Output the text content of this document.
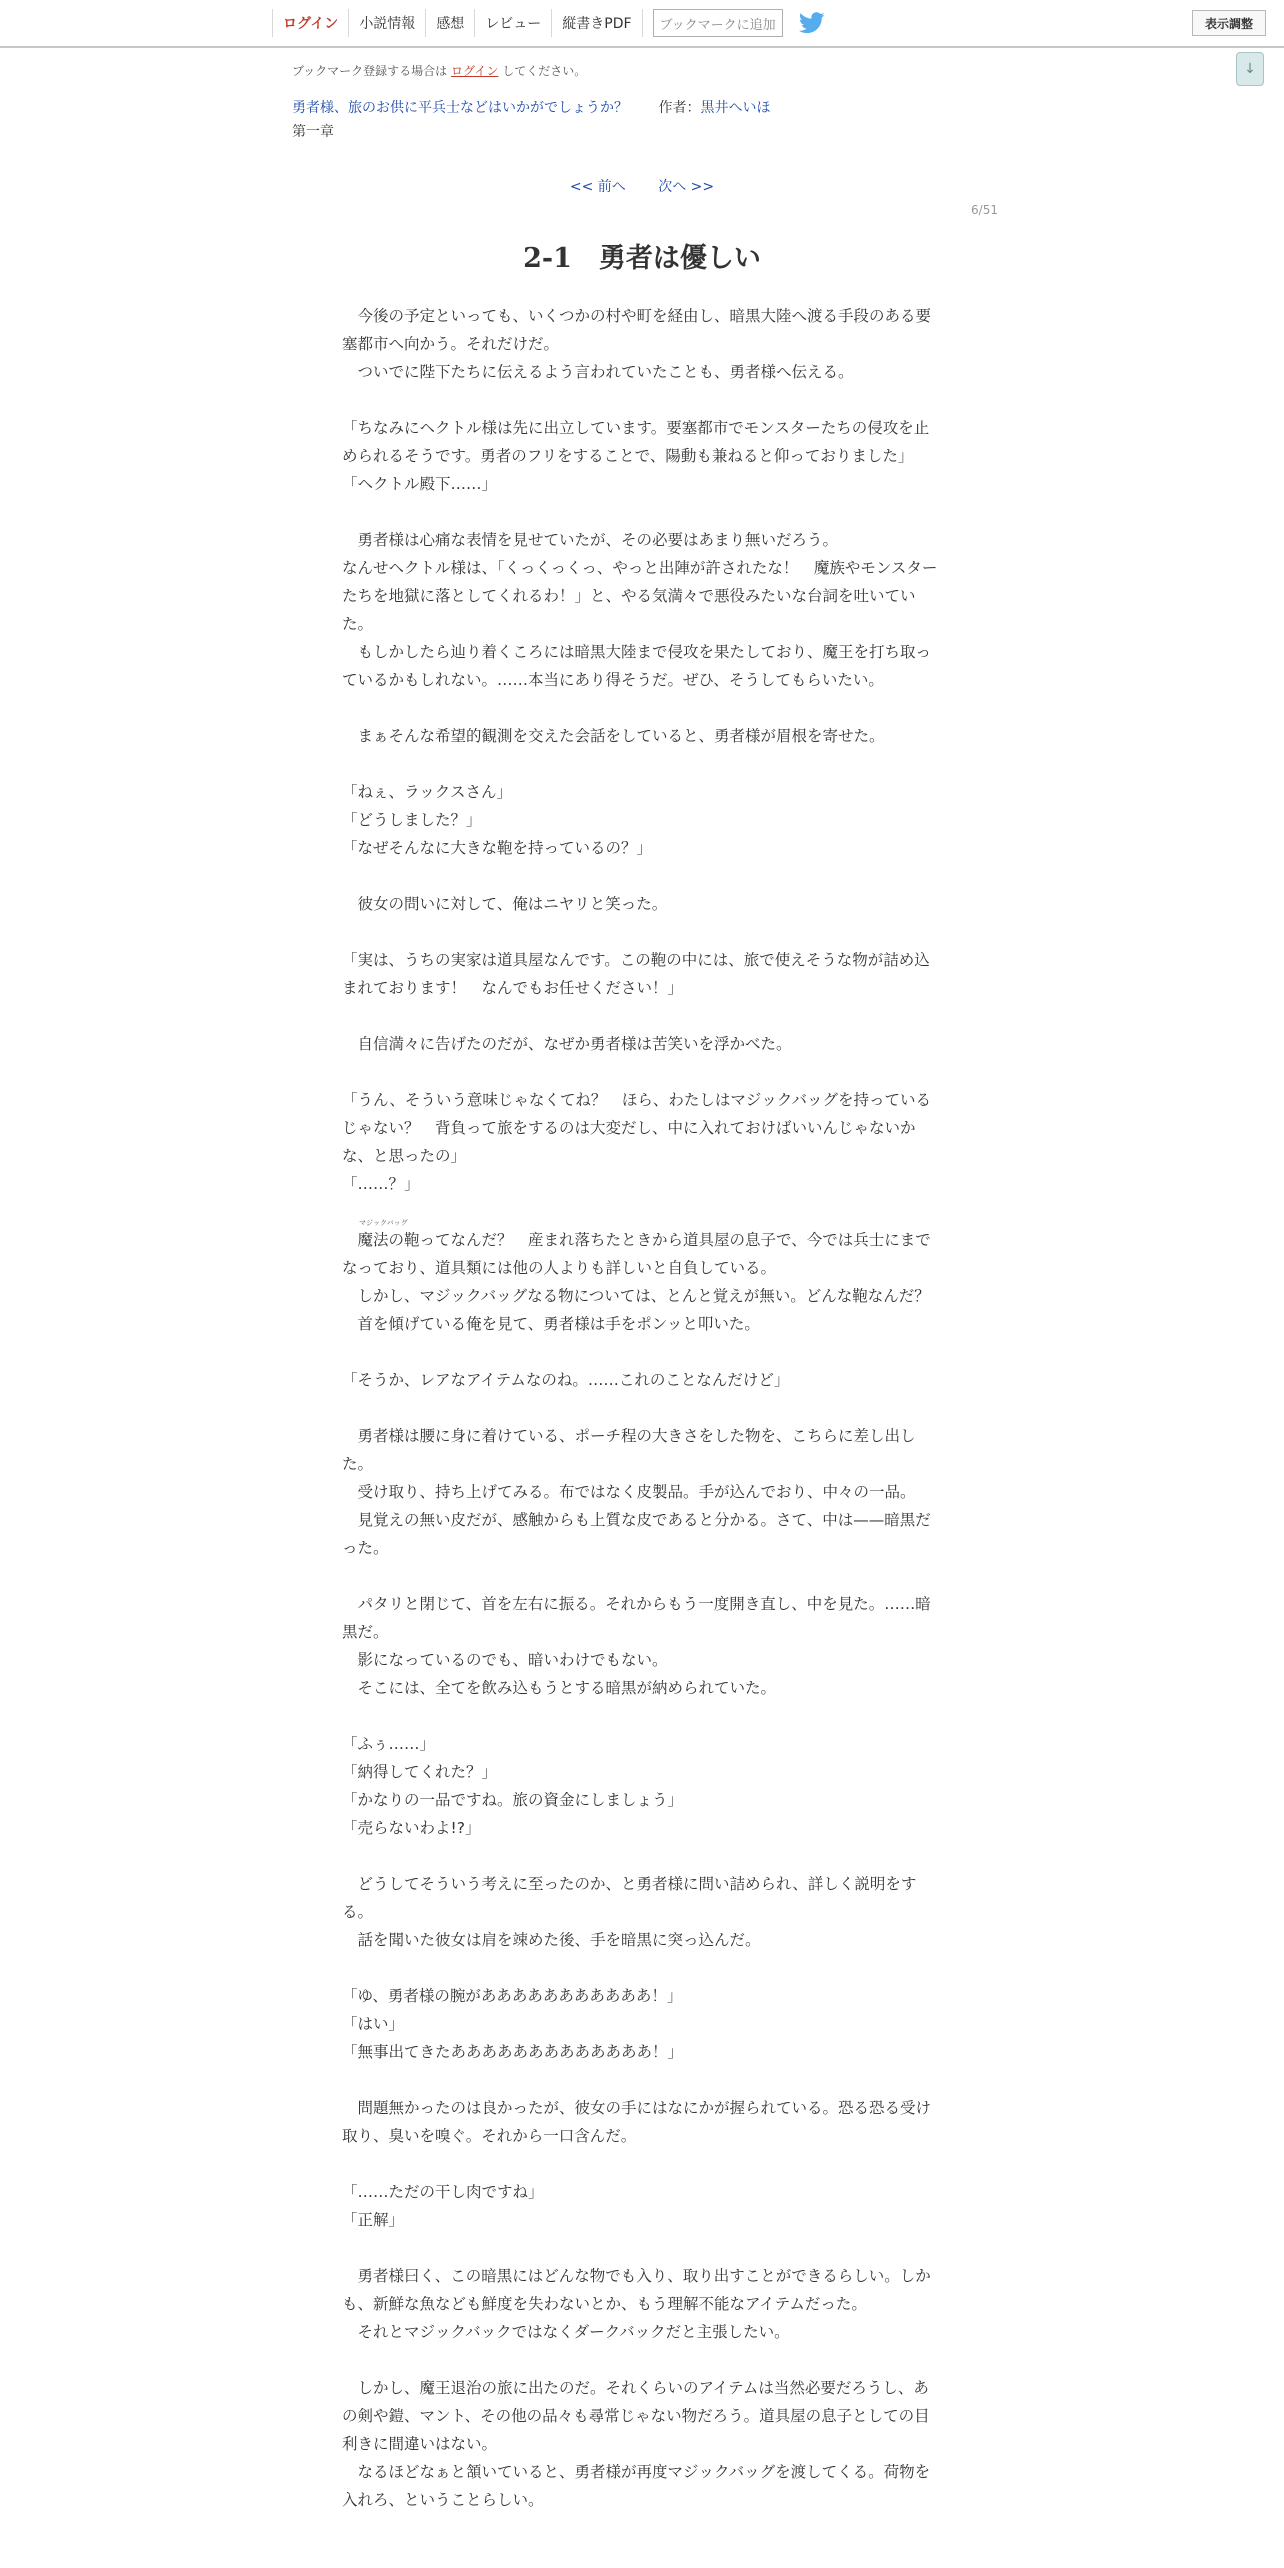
ログイン	小説情報	感想	レビュー	縦書きPDF	ブックマークに追加	表示調整
↓
ブックマーク登録する場合は ログイン してください。
勇者様、旅のお供に平兵士などはいかがでしょうか？ 作者：黒井へいほ
第一章
<< 前へ 次へ >>
6/51
2-1　勇者は優しい

　今後の予定といっても、いくつかの村や町を経由し、暗黒大陸へ渡る手段のある要塞都市へ向かう。それだけだ。

　ついでに陛下たちに伝えるよう言われていたことも、勇者様へ伝える。

「ちなみにヘクトル様は先に出立しています。要塞都市でモンスターたちの侵攻を止められるそうです。勇者のフリをすることで、陽動も兼ねると仰っておりました」

「ヘクトル殿下……」

　勇者様は心痛な表情を見せていたが、その必要はあまり無いだろう。

なんせヘクトル様は、「くっくっくっ、やっと出陣が許されたな！　魔族やモンスターたちを地獄に落としてくれるわ！」と、やる気満々で悪役みたいな台詞を吐いていた。

　もしかしたら辿り着くころには暗黒大陸まで侵攻を果たしており、魔王を打ち取っているかもしれない。……本当にあり得そうだ。ぜひ、そうしてもらいたい。

　まぁそんな希望的観測を交えた会話をしていると、勇者様が眉根を寄せた。

「ねぇ、ラックスさん」

「どうしました？」

「なぜそんなに大きな鞄を持っているの？」

　彼女の問いに対して、俺はニヤリと笑った。

「実は、うちの実家は道具屋なんです。この鞄の中には、旅で使えそうな物が詰め込まれております！　なんでもお任せください！」

　自信満々に告げたのだが、なぜか勇者様は苦笑いを浮かべた。

「うん、そういう意味じゃなくてね？　ほら、わたしはマジックバッグを持っているじゃない？　背負って旅をするのは大変だし、中に入れておけばいいんじゃないかな、と思ったの」

「……？」

　魔法の鞄ってなんだ？　産まれ落ちたときから道具屋の息子で、今では兵士にまでなっており、道具類には他の人よりも詳しいと自負している。

　しかし、マジックバッグなる物については、とんと覚えが無い。どんな鞄なんだ？

　首を傾げている俺を見て、勇者様は手をポンッと叩いた。

「そうか、レアなアイテムなのね。……これのことなんだけど」

　勇者様は腰に身に着けている、ポーチ程の大きさをした物を、こちらに差し出した。

　受け取り、持ち上げてみる。布ではなく皮製品。手が込んでおり、中々の一品。

　見覚えの無い皮だが、感触からも上質な皮であると分かる。さて、中は——暗黒だった。

　パタリと閉じて、首を左右に振る。それからもう一度開き直し、中を見た。……暗黒だ。

　影になっているのでも、暗いわけでもない。

　そこには、全てを飲み込もうとする暗黒が納められていた。

「ふぅ……」

「納得してくれた？」

「かなりの一品ですね。旅の資金にしましょう」

「売らないわよ!?」

　どうしてそういう考えに至ったのか、と勇者様に問い詰められ、詳しく説明をする。

　話を聞いた彼女は肩を竦めた後、手を暗黒に突っ込んだ。

「ゆ、勇者様の腕があああああああああああ！」

「はい」

「無事出てきたあああああああああああああ！」

　問題無かったのは良かったが、彼女の手にはなにかが握られている。恐る恐る受け取り、臭いを嗅ぐ。それから一口含んだ。

「……ただの干し肉ですね」

「正解」

　勇者様曰く、この暗黒にはどんな物でも入り、取り出すことができるらしい。しかも、新鮮な魚なども鮮度を失わないとか、もう理解不能なアイテムだった。

　それとマジックバックではなくダークバックだと主張したい。

　しかし、魔王退治の旅に出たのだ。それくらいのアイテムは当然必要だろうし、あの剣や鎧、マント、その他の品々も尋常じゃない物だろう。道具屋の息子としての目利きに間違いはない。

　なるほどなぁと頷いていると、勇者様が再度マジックバッグを渡してくる。荷物を入れろ、ということらしい。

マジックバッグ
